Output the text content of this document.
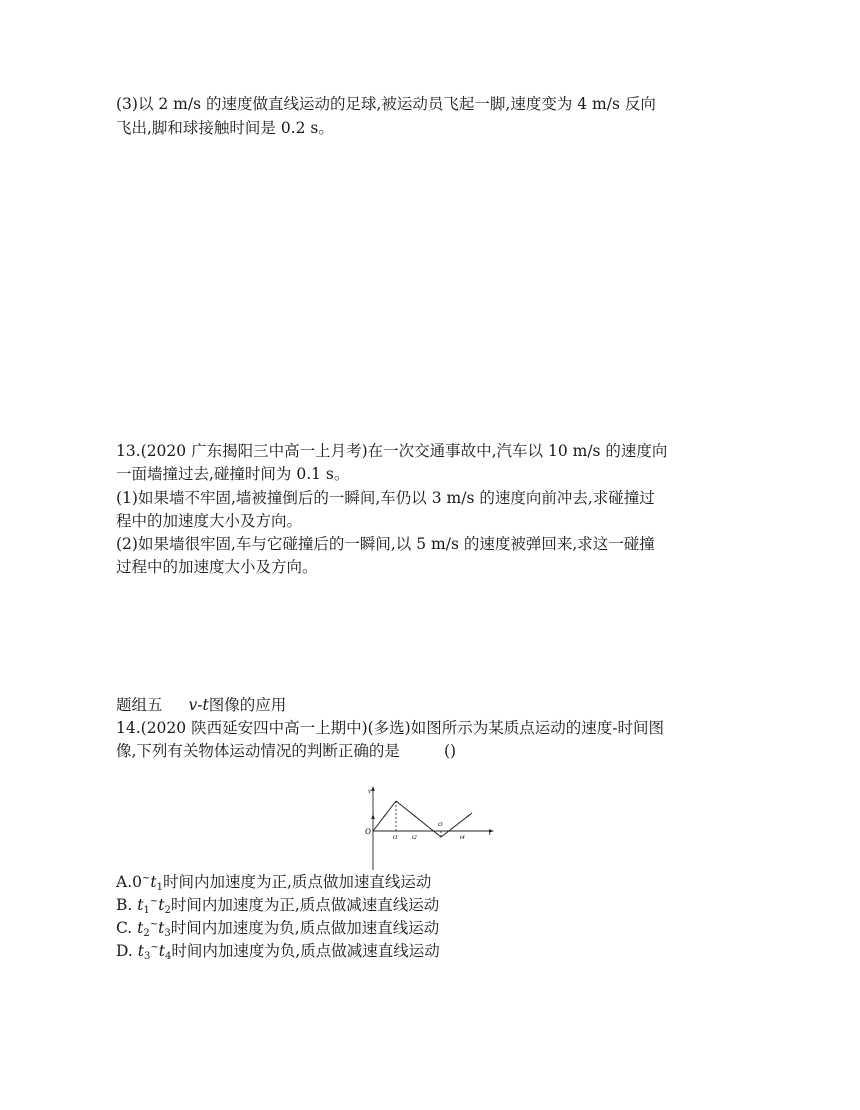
(3)以 2 m/s 的速度做直线运动的足球,被运动员飞起一脚,速度变为 4 m/s 反向
飞出,脚和球接触时间是 0.2 s。
13.(2020 广东揭阳三中高一上月考)在一次交通事故中,汽车以 10 m/s 的速度向
一面墙撞过去,碰撞时间为 0.1 s。
(1)如果墙不牢固,墙被撞倒后的一瞬间,车仍以 3 m/s 的速度向前冲去,求碰撞过
程中的加速度大小及方向。
(2)如果墙很牢固,车与它碰撞后的一瞬间,以 5 m/s 的速度被弹回来,求这一碰撞
过程中的加速度大小及方向。
题组五 v-t图像的应用
14.(2020 陕西延安四中高一上期中)(多选)如图所示为某质点运动的速度-时间图
像,下列有关物体运动情况的判断正确的是	()
O	t
t1 t2
t3
t4
v
$A.0^\sim t_1$时间内加速度为正,质点做加速直线运动
B. $t_1^\sim t_2$时间内加速度为正,质点做减速直线运动
C. $t_2^\sim t_3$时间内加速度为负,质点做加速直线运动
D. $t_3^\sim t_4$时间内加速度为负,质点做减速直线运动
